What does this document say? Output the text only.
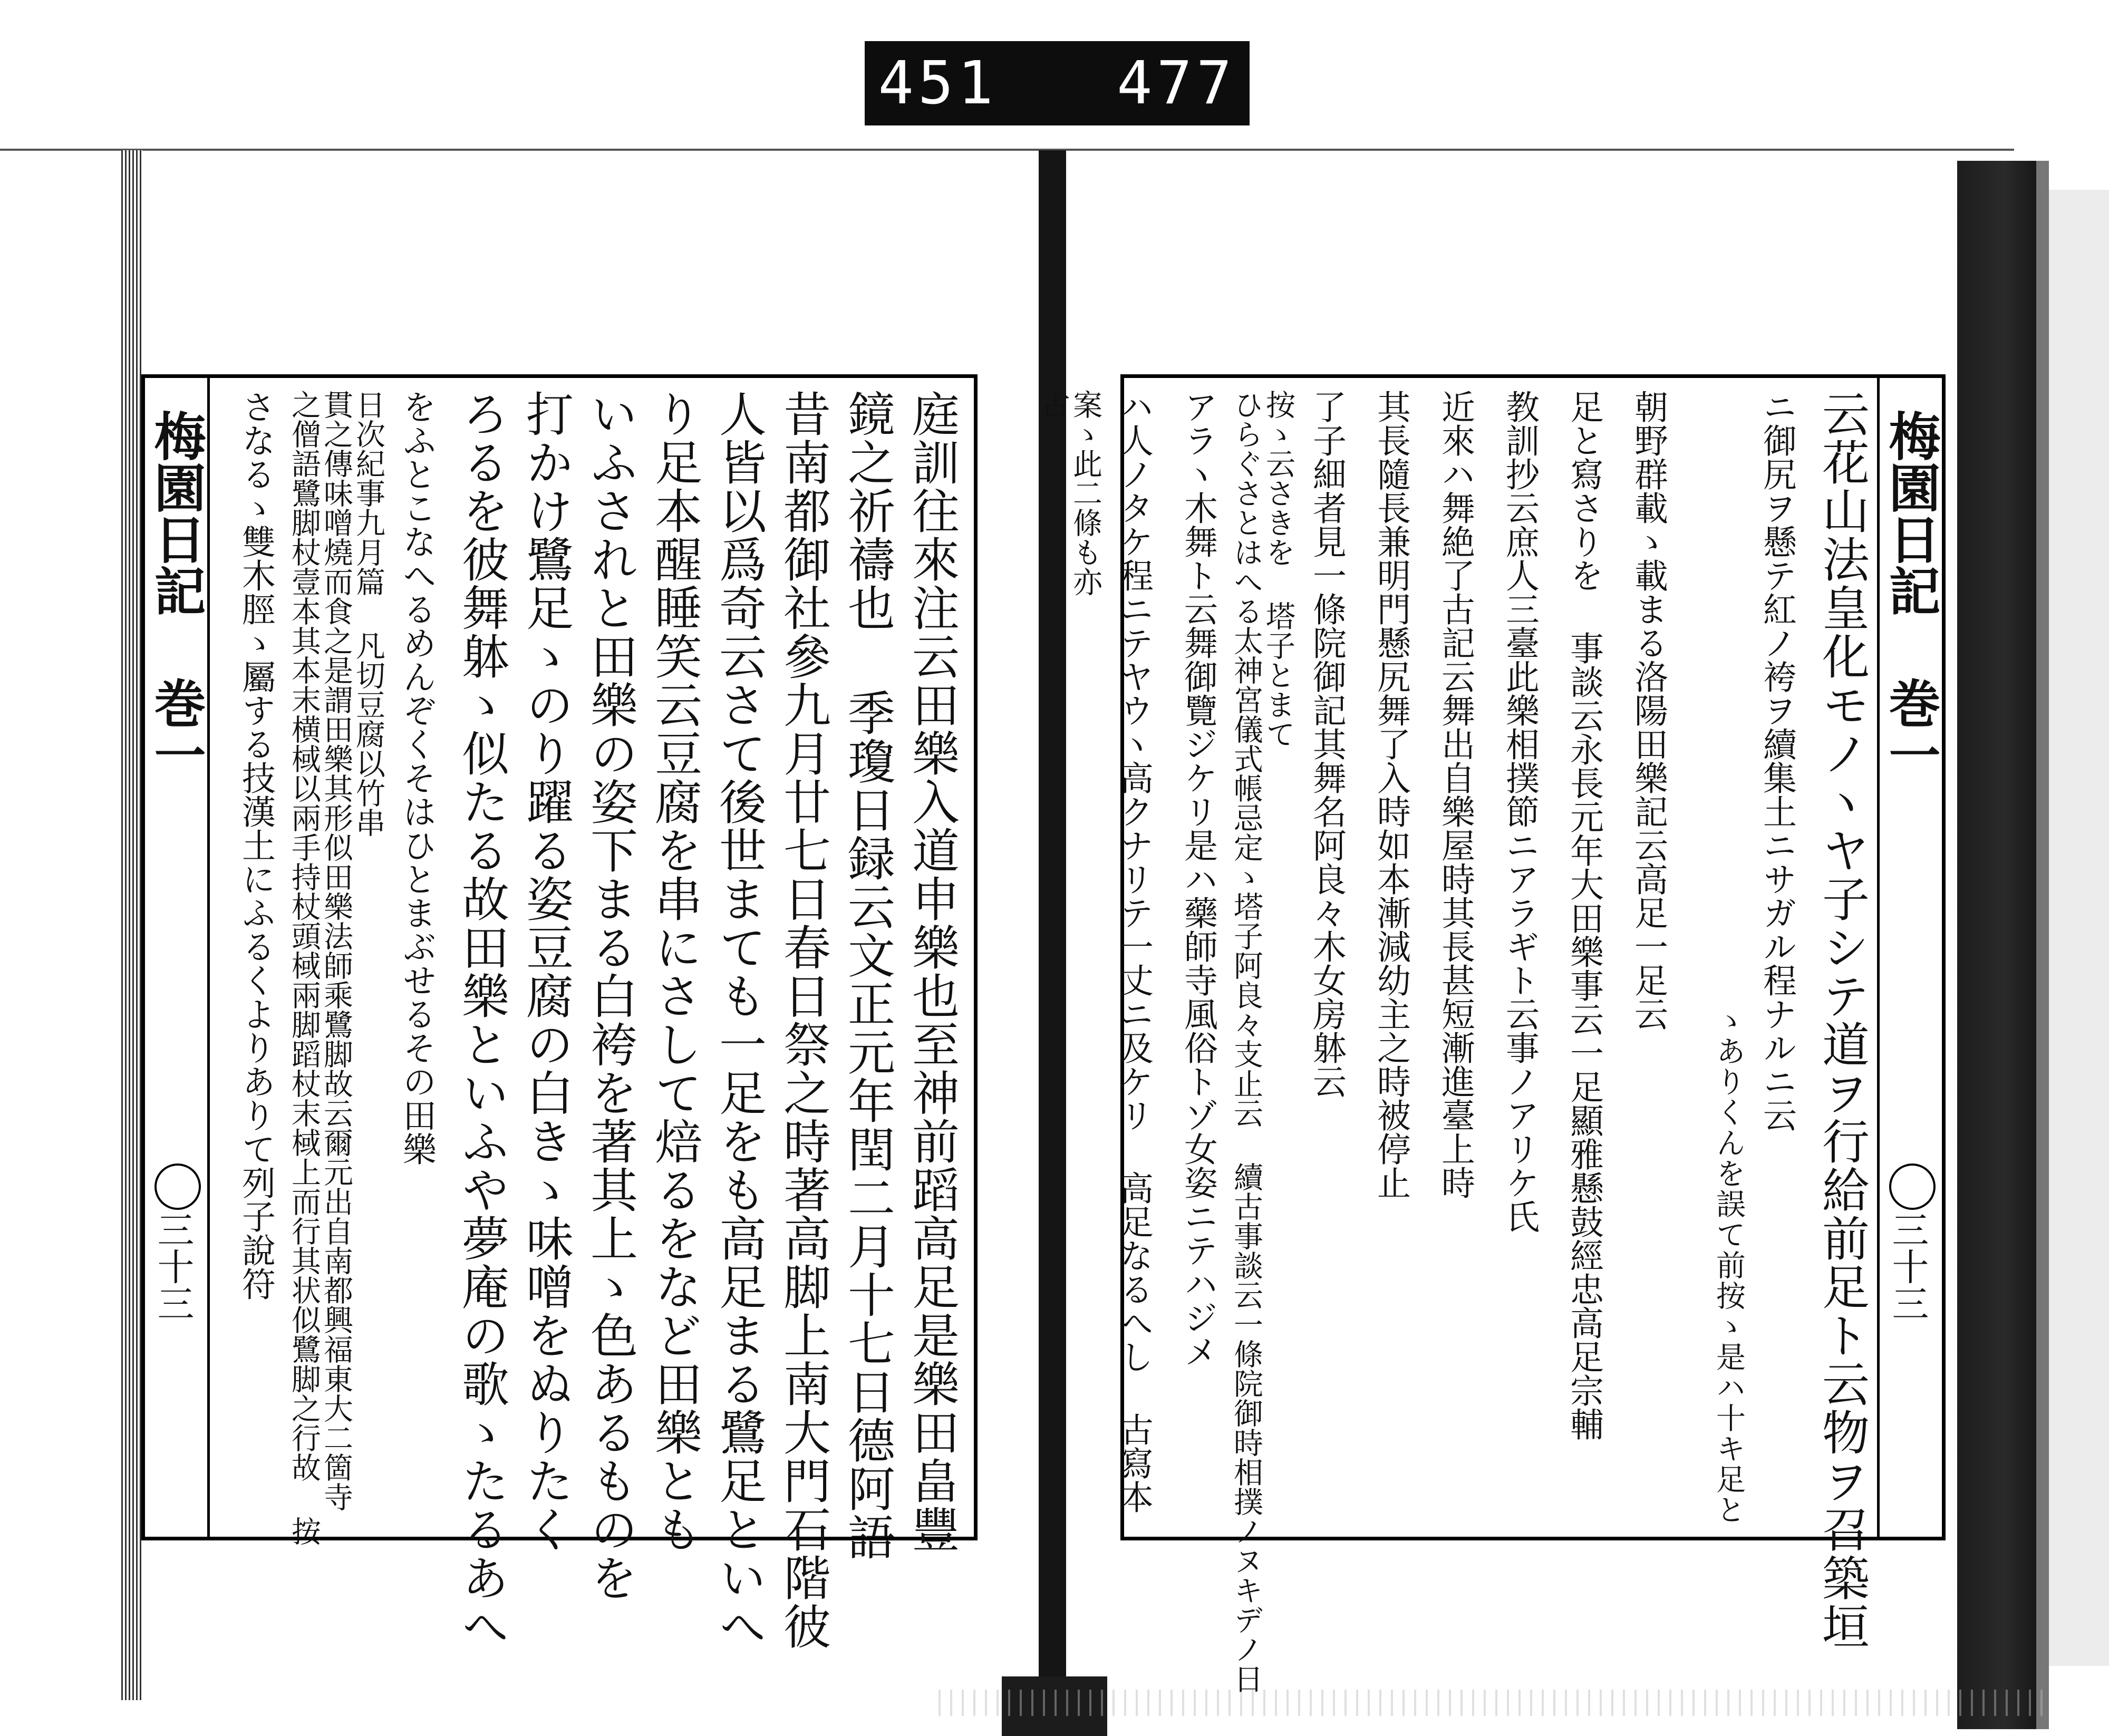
451 477
梅園日記 巻一
三十三	庭訓往來注云田樂入道申樂也至神前蹈高足是樂田畠豐
鏡之祈禱也 季瓊日録云文正元年閏二月十七日德阿語
昔南都御社參九月廿七日春日祭之時著高脚上南大門石階彼
人皆以爲奇云さて後世まても一足をも高足まる鷺足といへ
り足本醒睡笑云豆腐を串にさして焙るをなど田樂とも
いふされと田樂の姿下まる白袴を著其上ゝ色あるものを
打かけ鷺足ゝのり躍る姿豆腐の白きゝ味噌をぬりたく
ろるを彼舞躰ゝ似たる故田樂といふや夢庵の歌ゝたるあへ
をふとこなへるめんぞくそはひとまぶせるその田樂
日次紀事九月篇 凡切豆腐以竹串
貫之傳味噌燒而食之是謂田樂其形似田樂法師乘鷺脚故云爾元出自南都興福東大二箇寺
之僧語鷺脚杖壹本其本末横棫以兩手持杖頭棫兩脚蹈杖末棫上而行其状似鷺脚之行故 按
さなるゝ雙木脛ゝ屬する技漢土にふるくよりありて列子說符	梅園日記 巻一
三十三
云花山法皇化モノヽヤ子シテ道ヲ行給前足ト云物ヲ召築垣
ニ御尻ヲ懸テ紅ノ袴ヲ續集土ニサガル程ナルニ云
按ゝ是ハ十キ足と
ゝありくんを誤て前
朝野群載ゝ載まる洛陽田樂記云高足一足云
足と寫さりを 事談云永長元年大田樂事云一足顯雅懸鼓經忠高足宗輔
教訓抄云庶人三臺此樂相撲節ニアラギト云事ノアリケ氏
近來ハ舞絶了古記云舞出自樂屋時其長甚短漸進臺上時
其長隨長兼明門懸尻舞了入時如本漸減幼主之時被停止
了子細者見一條院御記其舞名阿良々木女房躰云
按ゝ云さきを 塔子とまて
ひらぐさとはへる太神宮儀式帳忌定ゝ塔子阿良々支止云 續古事談云一條院御時相撲ノヌキデノ日
アラヽ木舞ト云舞御覽ジケリ是ハ藥師寺風俗トゾ女姿ニテハジメ
ハ人ノタケ程ニテヤウヽ高クナリテ一丈ニ及ケリ 高足なるへし 古寫本
案ゝ此二條も亦
古
